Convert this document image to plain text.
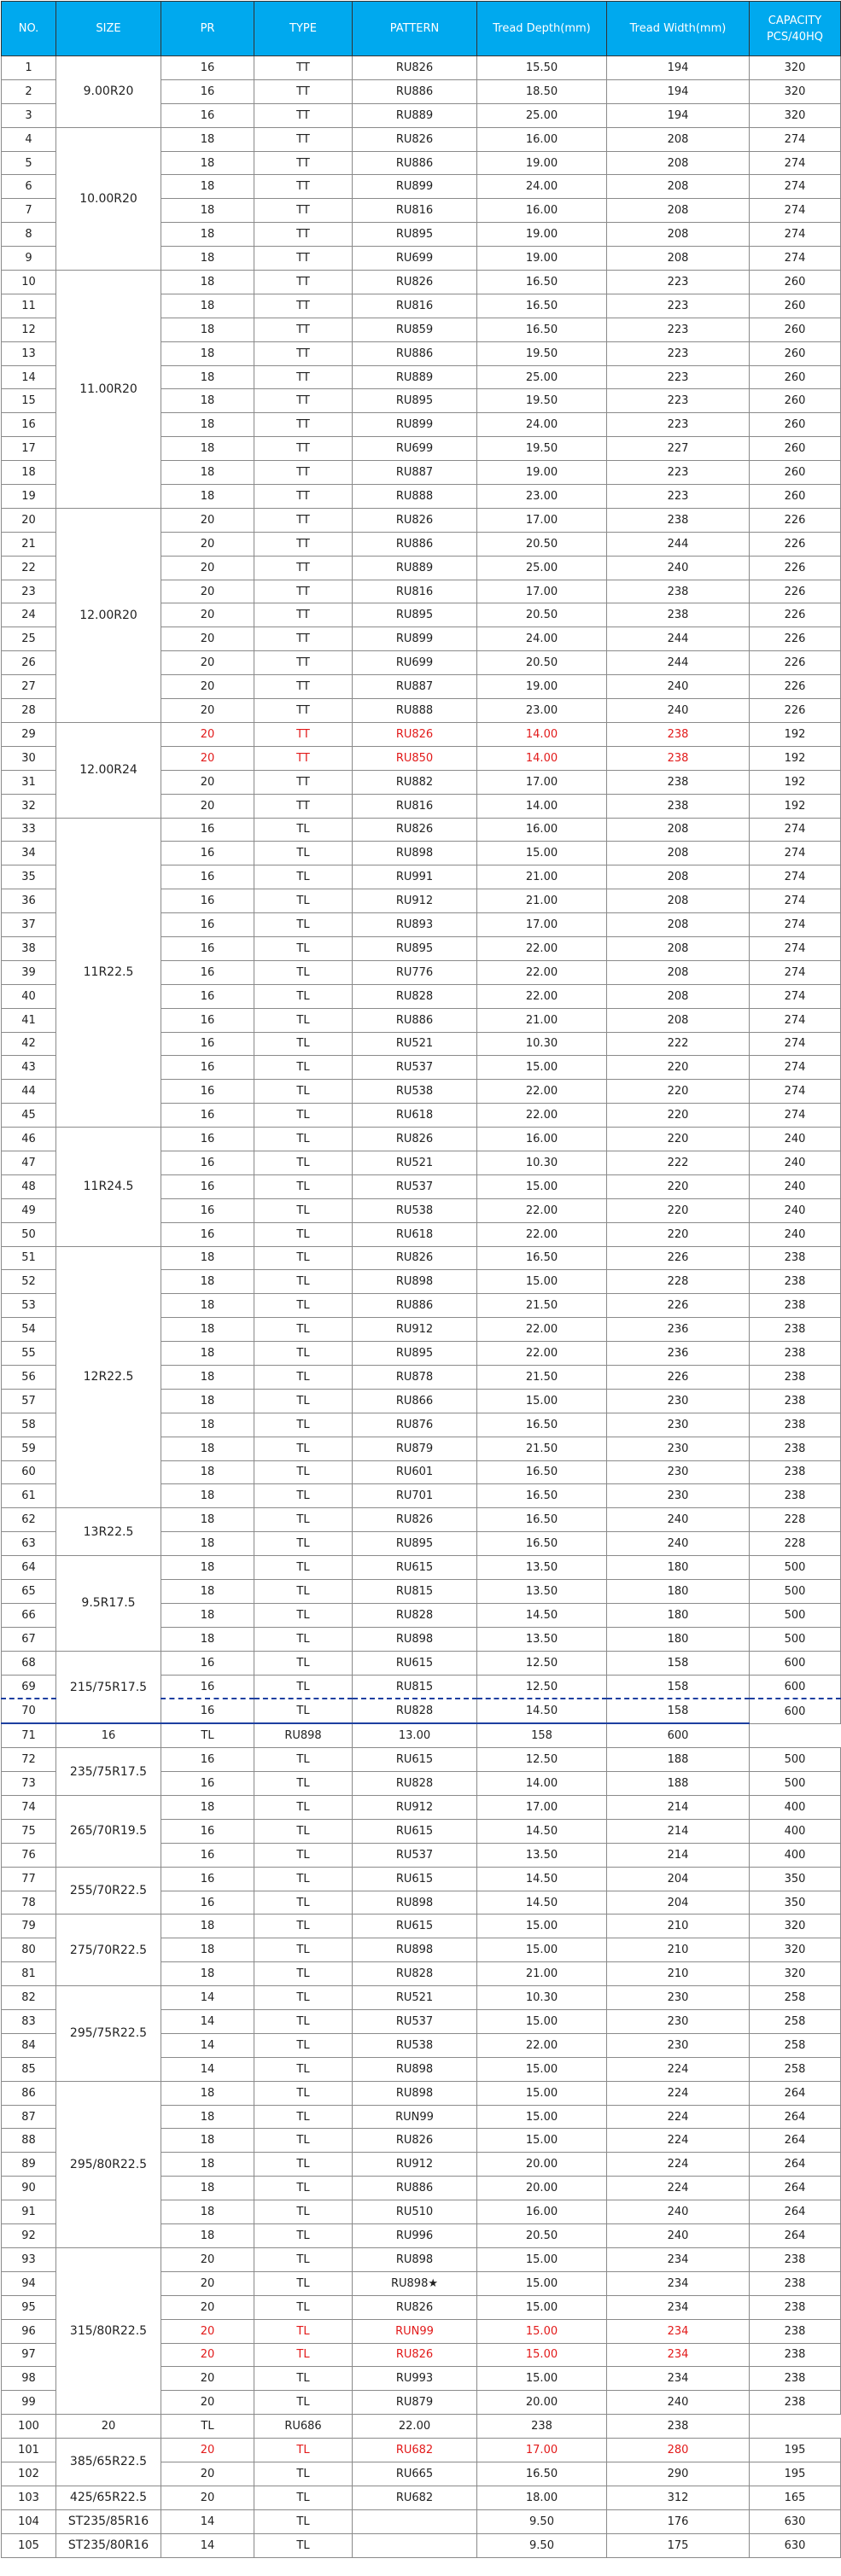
NO.	SIZE	PR	TYPE	PATTERN	Tread Depth(mm)	Tread Width(mm)	CAPACITY
PCS/40HQ

1	9.00R20	16	TT	RU826	15.50	194	320
2		16	TT	RU886	18.50	194	320
3		16	TT	RU889	25.00	194	320
4	10.00R20	18	TT	RU826	16.00	208	274
5		18	TT	RU886	19.00	208	274
6		18	TT	RU899	24.00	208	274
7		18	TT	RU816	16.00	208	274
8		18	TT	RU895	19.00	208	274
9		18	TT	RU699	19.00	208	274
10	11.00R20	18	TT	RU826	16.50	223	260
11		18	TT	RU816	16.50	223	260
12		18	TT	RU859	16.50	223	260
13		18	TT	RU886	19.50	223	260
14		18	TT	RU889	25.00	223	260
15		18	TT	RU895	19.50	223	260
16		18	TT	RU899	24.00	223	260
17		18	TT	RU699	19.50	227	260
18		18	TT	RU887	19.00	223	260
19		18	TT	RU888	23.00	223	260
20	12.00R20	20	TT	RU826	17.00	238	226
21		20	TT	RU886	20.50	244	226
22		20	TT	RU889	25.00	240	226
23		20	TT	RU816	17.00	238	226
24		20	TT	RU895	20.50	238	226
25		20	TT	RU899	24.00	244	226
26		20	TT	RU699	20.50	244	226
27		20	TT	RU887	19.00	240	226
28		20	TT	RU888	23.00	240	226
29	12.00R24	20	TT	RU826	14.00	238	192
30		20	TT	RU850	14.00	238	192
31		20	TT	RU882	17.00	238	192
32		20	TT	RU816	14.00	238	192
33	11R22.5	16	TL	RU826	16.00	208	274
34		16	TL	RU898	15.00	208	274
35		16	TL	RU991	21.00	208	274
36		16	TL	RU912	21.00	208	274
37		16	TL	RU893	17.00	208	274
38		16	TL	RU895	22.00	208	274
39		16	TL	RU776	22.00	208	274
40		16	TL	RU828	22.00	208	274
41		16	TL	RU886	21.00	208	274
42		16	TL	RU521	10.30	222	274
43		16	TL	RU537	15.00	220	274
44		16	TL	RU538	22.00	220	274
45		16	TL	RU618	22.00	220	274
46	11R24.5	16	TL	RU826	16.00	220	240
47		16	TL	RU521	10.30	222	240
48		16	TL	RU537	15.00	220	240
49		16	TL	RU538	22.00	220	240
50		16	TL	RU618	22.00	220	240
51	12R22.5	18	TL	RU826	16.50	226	238
52		18	TL	RU898	15.00	228	238
53		18	TL	RU886	21.50	226	238
54		18	TL	RU912	22.00	236	238
55		18	TL	RU895	22.00	236	238
56		18	TL	RU878	21.50	226	238
57		18	TL	RU866	15.00	230	238
58		18	TL	RU876	16.50	230	238
59		18	TL	RU879	21.50	230	238
60		18	TL	RU601	16.50	230	238
61		18	TL	RU701	16.50	230	238
62	13R22.5	18	TL	RU826	16.50	240	228
63		18	TL	RU895	16.50	240	228
64	9.5R17.5	18	TL	RU615	13.50	180	500
65		18	TL	RU815	13.50	180	500
66		18	TL	RU828	14.50	180	500
67		18	TL	RU898	13.50	180	500
68	215/75R17.5	16	TL	RU615	12.50	158	600
69		16	TL	RU815	12.50	158	600
70		16	TL	RU828	14.50	158	600
71	16	TL	RU898	13.00	158	600	
72	235/75R17.5	16	TL	RU615	12.50	188	500
73		16	TL	RU828	14.00	188	500
74	265/70R19.5	18	TL	RU912	17.00	214	400
75		16	TL	RU615	14.50	214	400
76		16	TL	RU537	13.50	214	400
77	255/70R22.5	16	TL	RU615	14.50	204	350
78		16	TL	RU898	14.50	204	350
79	275/70R22.5	18	TL	RU615	15.00	210	320
80		18	TL	RU898	15.00	210	320
81		18	TL	RU828	21.00	210	320
82	295/75R22.5	14	TL	RU521	10.30	230	258
83		14	TL	RU537	15.00	230	258
84		14	TL	RU538	22.00	230	258
85		14	TL	RU898	15.00	224	258
86	295/80R22.5	18	TL	RU898	15.00	224	264
87		18	TL	RUN99	15.00	224	264
88		18	TL	RU826	15.00	224	264
89		18	TL	RU912	20.00	224	264
90		18	TL	RU886	20.00	224	264
91		18	TL	RU510	16.00	240	264
92		18	TL	RU996	20.50	240	264
93	315/80R22.5	20	TL	RU898	15.00	234	238
94		20	TL	RU898★	15.00	234	238
95		20	TL	RU826	15.00	234	238
96		20	TL	RUN99	15.00	234	238
97		20	TL	RU826	15.00	234	238
98		20	TL	RU993	15.00	234	238
99		20	TL	RU879	20.00	240	238
100	20	TL	RU686	22.00	238	238	
101	385/65R22.5	20	TL	RU682	17.00	280	195
102		20	TL	RU665	16.50	290	195
103	425/65R22.5	20	TL	RU682	18.00	312	165
104	ST235/85R16	14	TL		9.50	176	630
105	ST235/80R16	14	TL		9.50	175	630
